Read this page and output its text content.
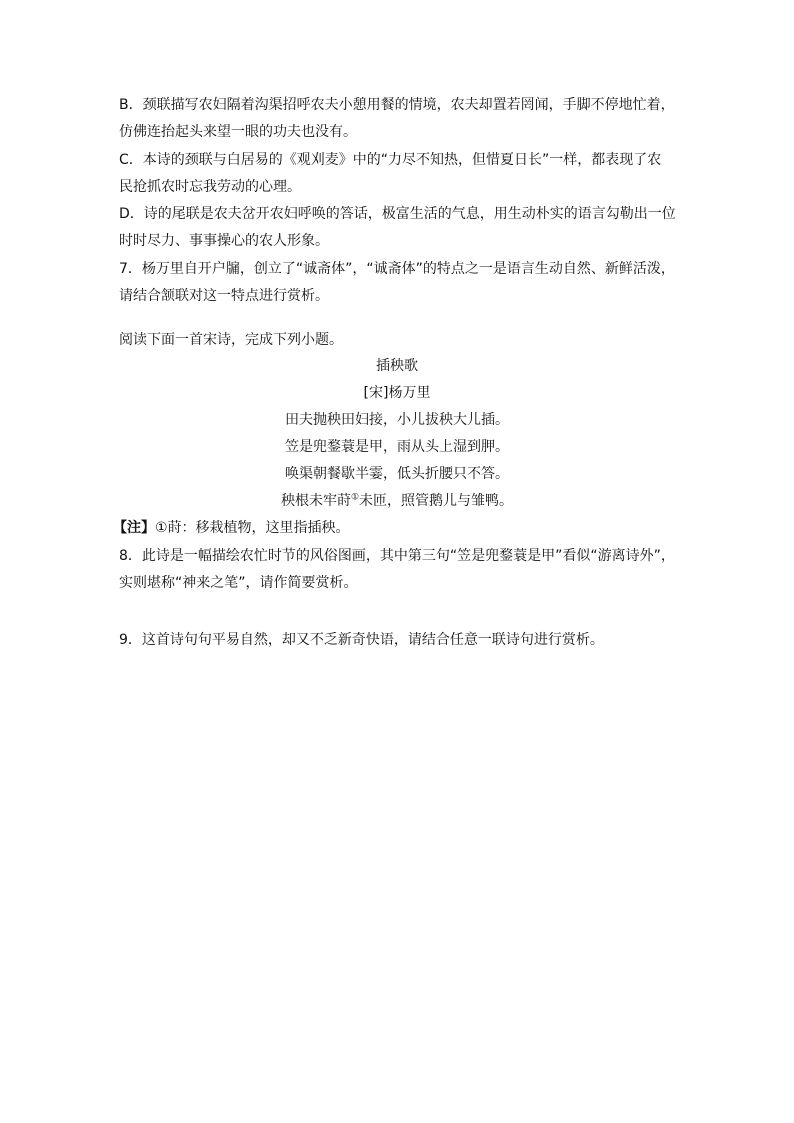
B．颈联描写农妇隔着沟渠招呼农夫小憩用餐的情境，农夫却置若罔闻，手脚不停地忙着，
仿佛连抬起头来望一眼的功夫也没有。
C．本诗的颈联与白居易的《观刈麦》中的“力尽不知热，但惜夏日长”一样，都表现了农
民抢抓农时忘我劳动的心理。
D．诗的尾联是农夫岔开农妇呼唤的答话，极富生活的气息，用生动朴实的语言勾勒出一位
时时尽力、事事操心的农人形象。
7．杨万里自开户牖，创立了“诚斋体”，“诚斋体”的特点之一是语言生动自然、新鲜活泼，
请结合颔联对这一特点进行赏析。
阅读下面一首宋诗，完成下列小题。
插秧歌
[宋]杨万里
田夫抛秧田妇接，小儿拔秧大儿插。
笠是兜鍪蓑是甲，雨从头上湿到胛。
唤渠朝餐歇半霎，低头折腰只不答。
秧根未牢莳①未匝，照管鹅儿与雏鸭。
【注】①莳：移栽植物，这里指插秧。
8．此诗是一幅描绘农忙时节的风俗图画，其中第三句“笠是兜鍪蓑是甲”看似“游离诗外”，
实则堪称“神来之笔”，请作简要赏析。
9．这首诗句句平易自然，却又不乏新奇快语，请结合任意一联诗句进行赏析。
